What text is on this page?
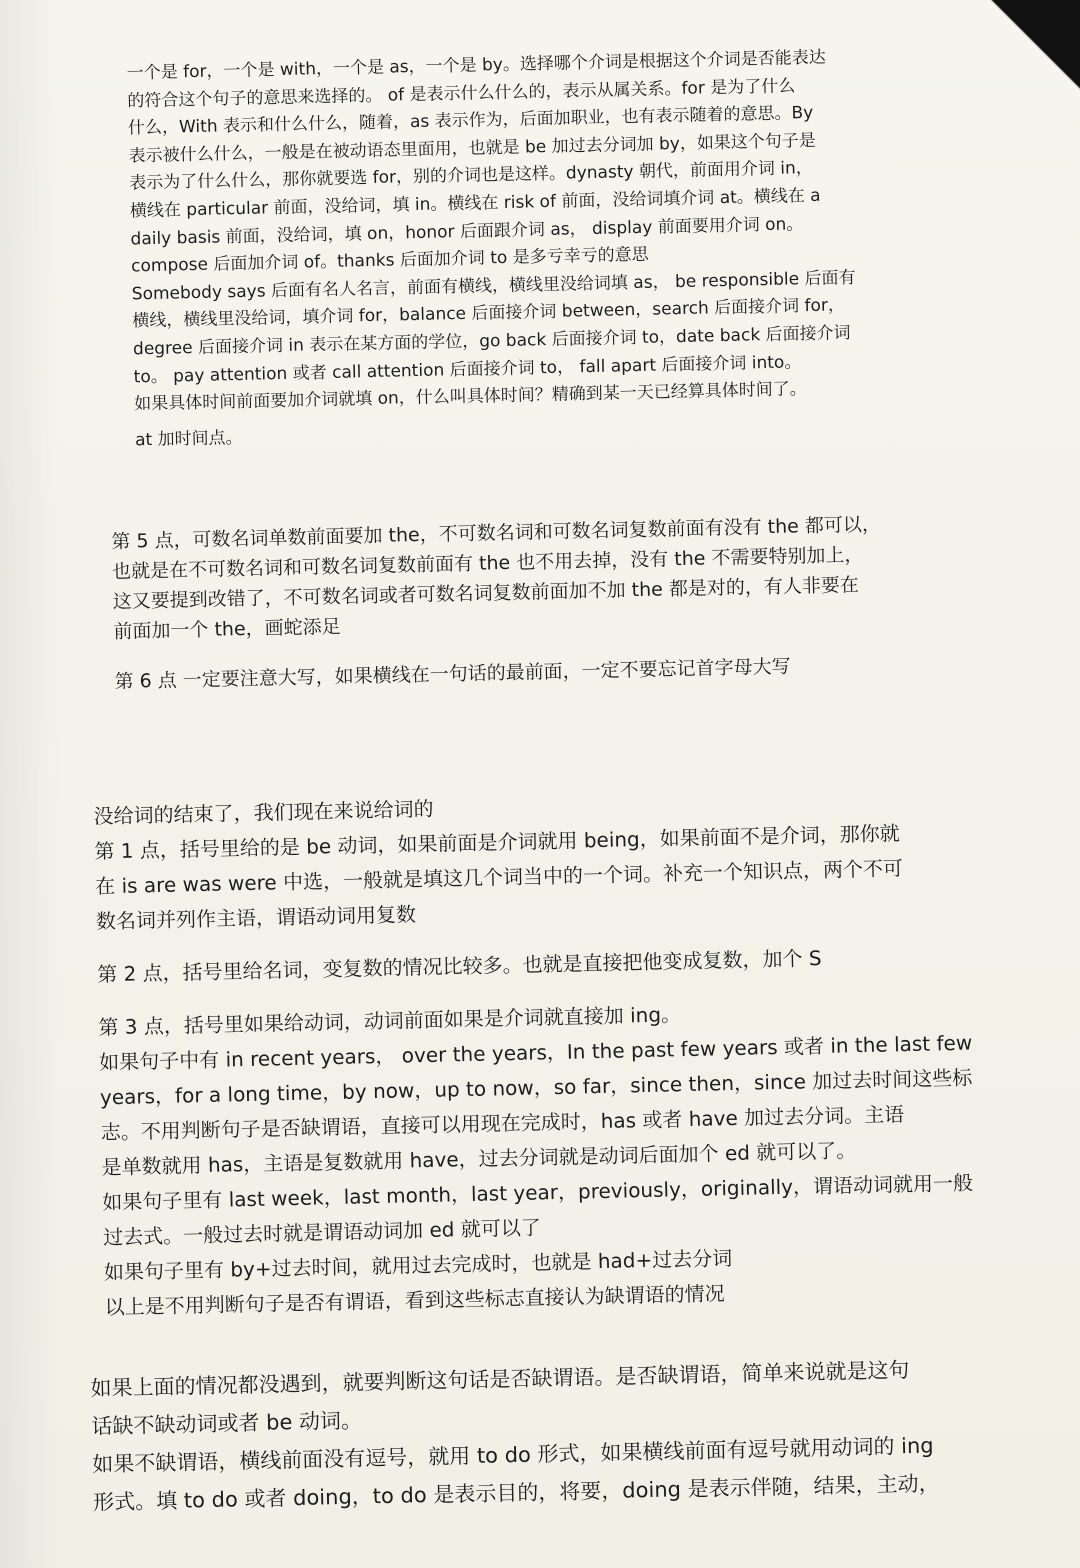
一个是 for，一个是 with，一个是 as，一个是 by。选择哪个介词是根据这个介词是否能表达
的符合这个句子的意思来选择的。 of 是表示什么什么的，表示从属关系。for 是为了什么
什么，With 表示和什么什么，随着，as 表示作为，后面加职业，也有表示随着的意思。By
表示被什么什么，一般是在被动语态里面用，也就是 be 加过去分词加 by，如果这个句子是
表示为了什么什么，那你就要选 for，别的介词也是这样。dynasty 朝代，前面用介词 in，
横线在 particular 前面，没给词，填 in。横线在 risk of 前面，没给词填介词 at。横线在 a
daily basis 前面，没给词，填 on，honor 后面跟介词 as， display 前面要用介词 on。
compose 后面加介词 of。thanks 后面加介词 to 是多亏幸亏的意思
Somebody says 后面有名人名言，前面有横线，横线里没给词填 as， be responsible 后面有
横线，横线里没给词，填介词 for，balance 后面接介词 between，search 后面接介词 for，
degree 后面接介词 in 表示在某方面的学位，go back 后面接介词 to，date back 后面接介词
to。 pay attention 或者 call attention 后面接介词 to， fall apart 后面接介词 into。
如果具体时间前面要加介词就填 on，什么叫具体时间？精确到某一天已经算具体时间了。
at 加时间点。
第 5 点，可数名词单数前面要加 the，不可数名词和可数名词复数前面有没有 the 都可以，
也就是在不可数名词和可数名词复数前面有 the 也不用去掉，没有 the 不需要特别加上，
这又要提到改错了，不可数名词或者可数名词复数前面加不加 the 都是对的，有人非要在
前面加一个 the，画蛇添足
第 6 点 一定要注意大写，如果横线在一句话的最前面，一定不要忘记首字母大写
没给词的结束了，我们现在来说给词的
第 1 点，括号里给的是 be 动词，如果前面是介词就用 being，如果前面不是介词，那你就
在 is are was were 中选，一般就是填这几个词当中的一个词。补充一个知识点，两个不可
数名词并列作主语，谓语动词用复数
第 2 点，括号里给名词，变复数的情况比较多。也就是直接把他变成复数，加个 S
第 3 点，括号里如果给动词，动词前面如果是介词就直接加 ing。
如果句子中有 in recent years， over the years，In the past few years 或者 in the last few
years，for a long time，by now，up to now，so far，since then，since 加过去时间这些标
志。不用判断句子是否缺谓语，直接可以用现在完成时，has 或者 have 加过去分词。主语
是单数就用 has，主语是复数就用 have，过去分词就是动词后面加个 ed 就可以了。
如果句子里有 last week，last month，last year，previously，originally，谓语动词就用一般
过去式。一般过去时就是谓语动词加 ed 就可以了
如果句子里有 by+过去时间，就用过去完成时，也就是 had+过去分词
以上是不用判断句子是否有谓语，看到这些标志直接认为缺谓语的情况
如果上面的情况都没遇到，就要判断这句话是否缺谓语。是否缺谓语，简单来说就是这句
话缺不缺动词或者 be 动词。
如果不缺谓语，横线前面没有逗号，就用 to do 形式，如果横线前面有逗号就用动词的 ing
形式。填 to do 或者 doing，to do 是表示目的，将要，doing 是表示伴随，结果，主动，
